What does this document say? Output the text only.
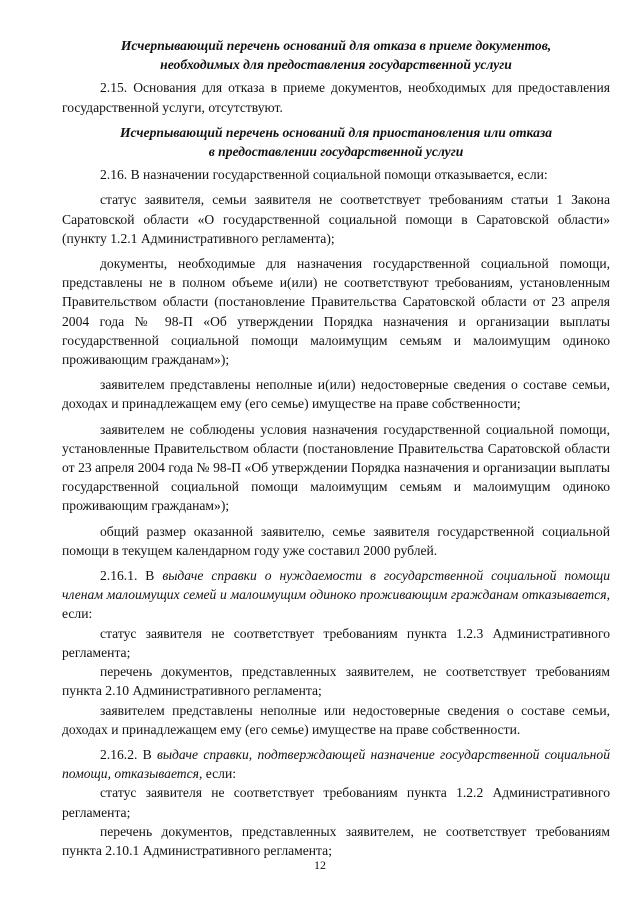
Исчерпывающий перечень оснований для отказа в приеме документов,
необходимых для предоставления государственной услуги

2.15. Основания для отказа в приеме документов, необходимых для предоставления государственной услуги, отсутствуют.

Исчерпывающий перечень оснований для приостановления или отказа
в предоставлении государственной услуги

2.16. В назначении государственной социальной помощи отказывается, если:

статус заявителя, семьи заявителя не соответствует требованиям статьи 1 Закона Саратовской области «О государственной социальной помощи в Саратовской области» (пункту 1.2.1 Административного регламента);

документы, необходимые для назначения государственной социальной помощи, представлены не в полном объеме и(или) не соответствуют требованиям, установленным Правительством области (постановление Правительства Саратовской области от 23 апреля 2004 года № 98-П «Об утверждении Порядка назначения и организации выплаты государственной социальной помощи малоимущим семьям и малоимущим одиноко проживающим гражданам»);

заявителем представлены неполные и(или) недостоверные сведения о составе семьи, доходах и принадлежащем ему (его семье) имуществе на праве собственности;

заявителем не соблюдены условия назначения государственной социальной помощи, установленные Правительством области (постановление Правительства Саратовской области от 23 апреля 2004 года № 98-П «Об утверждении Порядка назначения и организации выплаты государственной социальной помощи малоимущим семьям и малоимущим одиноко проживающим гражданам»);

общий размер оказанной заявителю, семье заявителя государственной социальной помощи в текущем календарном году уже составил 2000 рублей.

2.16.1. В выдаче справки о нуждаемости в государственной социальной помощи членам малоимущих семей и малоимущим одиноко проживающим гражданам отказывается, если:

статус заявителя не соответствует требованиям пункта 1.2.3 Административного регламента;

перечень документов, представленных заявителем, не соответствует требованиям пункта 2.10 Административного регламента;

заявителем представлены неполные или недостоверные сведения о составе семьи, доходах и принадлежащем ему (его семье) имуществе на праве собственности.

2.16.2. В выдаче справки, подтверждающей назначение государственной социальной помощи, отказывается, если:

статус заявителя не соответствует требованиям пункта 1.2.2 Административного регламента;

перечень документов, представленных заявителем, не соответствует требованиям пункта 2.10.1 Административного регламента;

12
